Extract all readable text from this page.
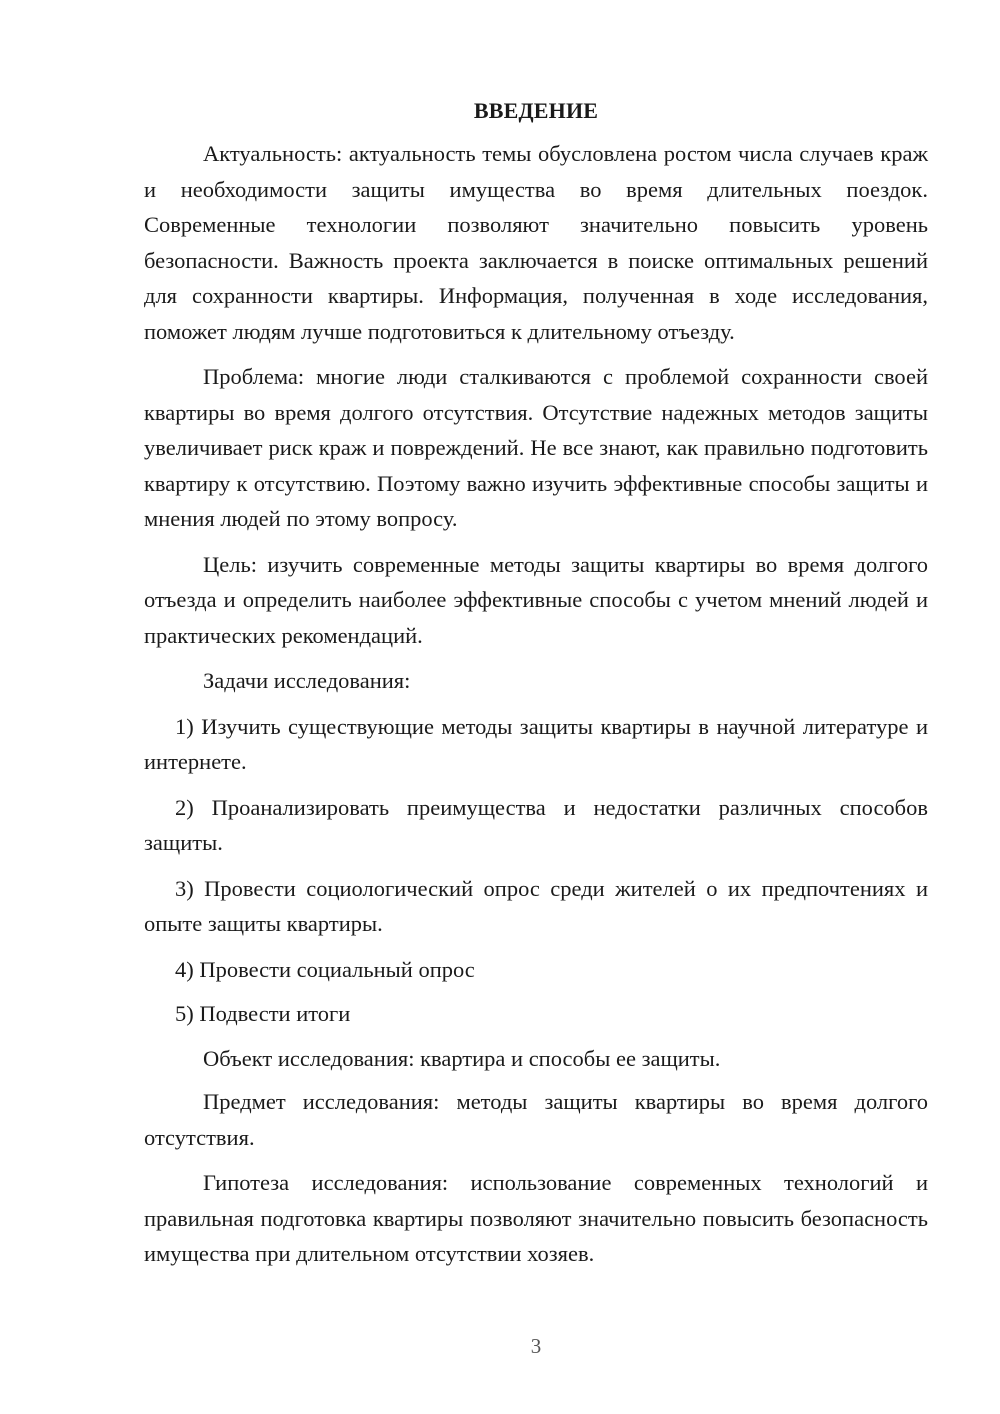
ВВЕДЕНИЕ

Актуальность: актуальность темы обусловлена ростом числа случаев краж и необходимости защиты имущества во время длительных поездок. Современные технологии позволяют значительно повысить уровень безопасности. Важность проекта заключается в поиске оптимальных решений для сохранности квартиры. Информация, полученная в ходе исследования, поможет людям лучше подготовиться к длительному отъезду.

Проблема: многие люди сталкиваются с проблемой сохранности своей квартиры во время долгого отсутствия. Отсутствие надежных методов защиты увеличивает риск краж и повреждений. Не все знают, как правильно подготовить квартиру к отсутствию. Поэтому важно изучить эффективные способы защиты и мнения людей по этому вопросу.

Цель: изучить современные методы защиты квартиры во время долгого отъезда и определить наиболее эффективные способы с учетом мнений людей и практических рекомендаций.

Задачи исследования:

1) Изучить существующие методы защиты квартиры в научной литературе и интернете.

2) Проанализировать преимущества и недостатки различных способов защиты.

3) Провести социологический опрос среди жителей о их предпочтениях и опыте защиты квартиры.

4) Провести социальный опрос

5) Подвести итоги

Объект исследования: квартира и способы ее защиты.

Предмет исследования: методы защиты квартиры во время долгого отсутствия.

Гипотеза исследования: использование современных технологий и правильная подготовка квартиры позволяют значительно повысить безопасность имущества при длительном отсутствии хозяев.

3
